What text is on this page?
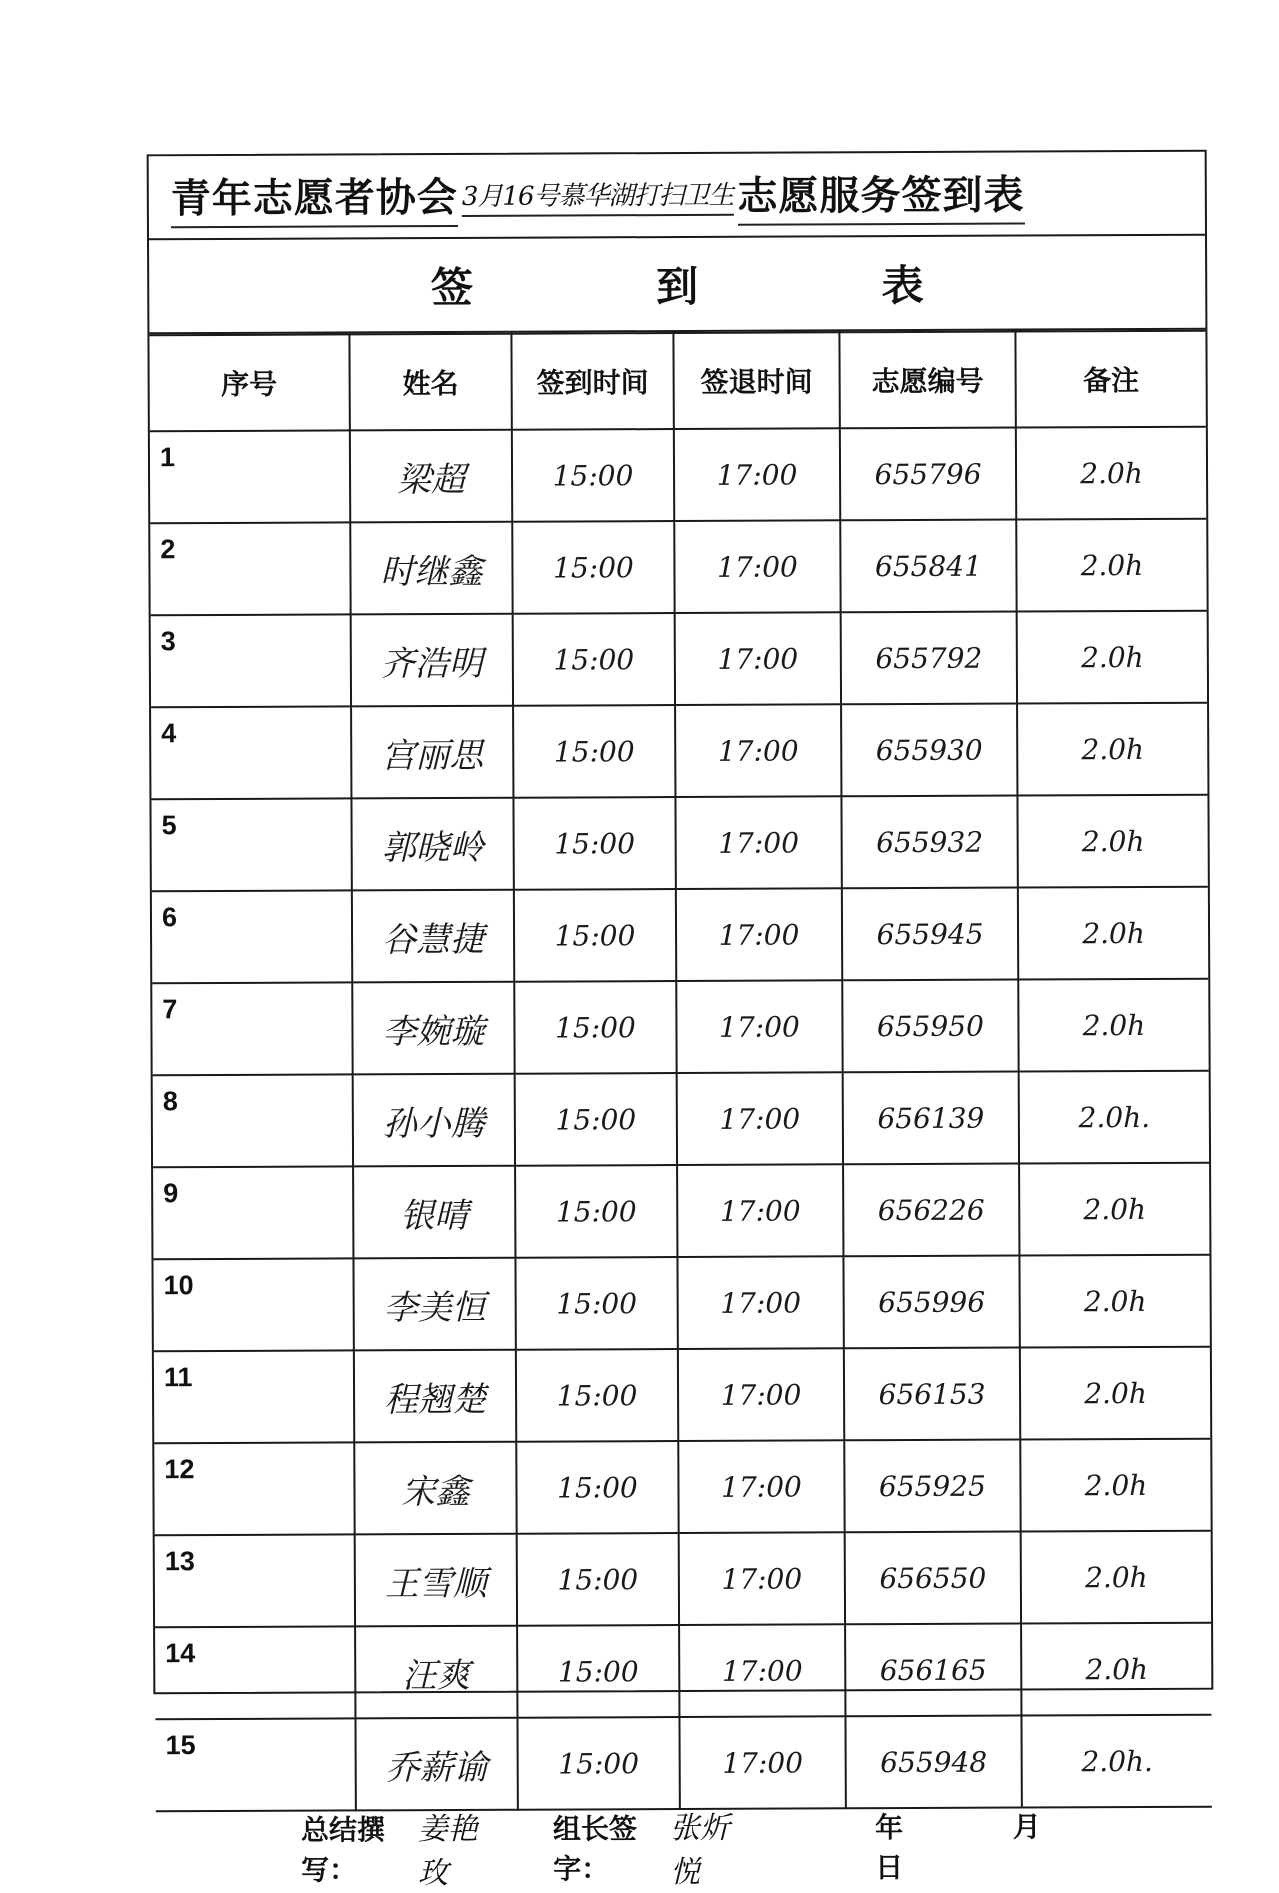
青年志愿者协会 3月16号慕华湖打扫卫生 志愿服务签到表
签	到	表
序号	姓名	签到时间	签退时间	志愿编号	备注
1	梁超	15:00	17:00	655796	2.0h
2	时继鑫	15:00	17:00	655841	2.0h
3	齐浩明	15:00	17:00	655792	2.0h
4	宫丽思	15:00	17:00	655930	2.0h
5	郭晓岭	15:00	17:00	655932	2.0h
6	谷慧捷	15:00	17:00	655945	2.0h
7	李婉璇	15:00	17:00	655950	2.0h
8	孙小腾	15:00	17:00	656139	2.0h.
9	银晴	15:00	17:00	656226	2.0h
10	李美恒	15:00	17:00	655996	2.0h
11	程翘楚	15:00	17:00	656153	2.0h
12	宋鑫	15:00	17:00	655925	2.0h
13	王雪顺	15:00	17:00	656550	2.0h
14	汪爽	15:00	17:00	656165	2.0h
15	乔薪谕	15:00	17:00	655948	2.0h.
总结撰写：
姜艳玫
组长签字：
张炘悦
年	月 日
